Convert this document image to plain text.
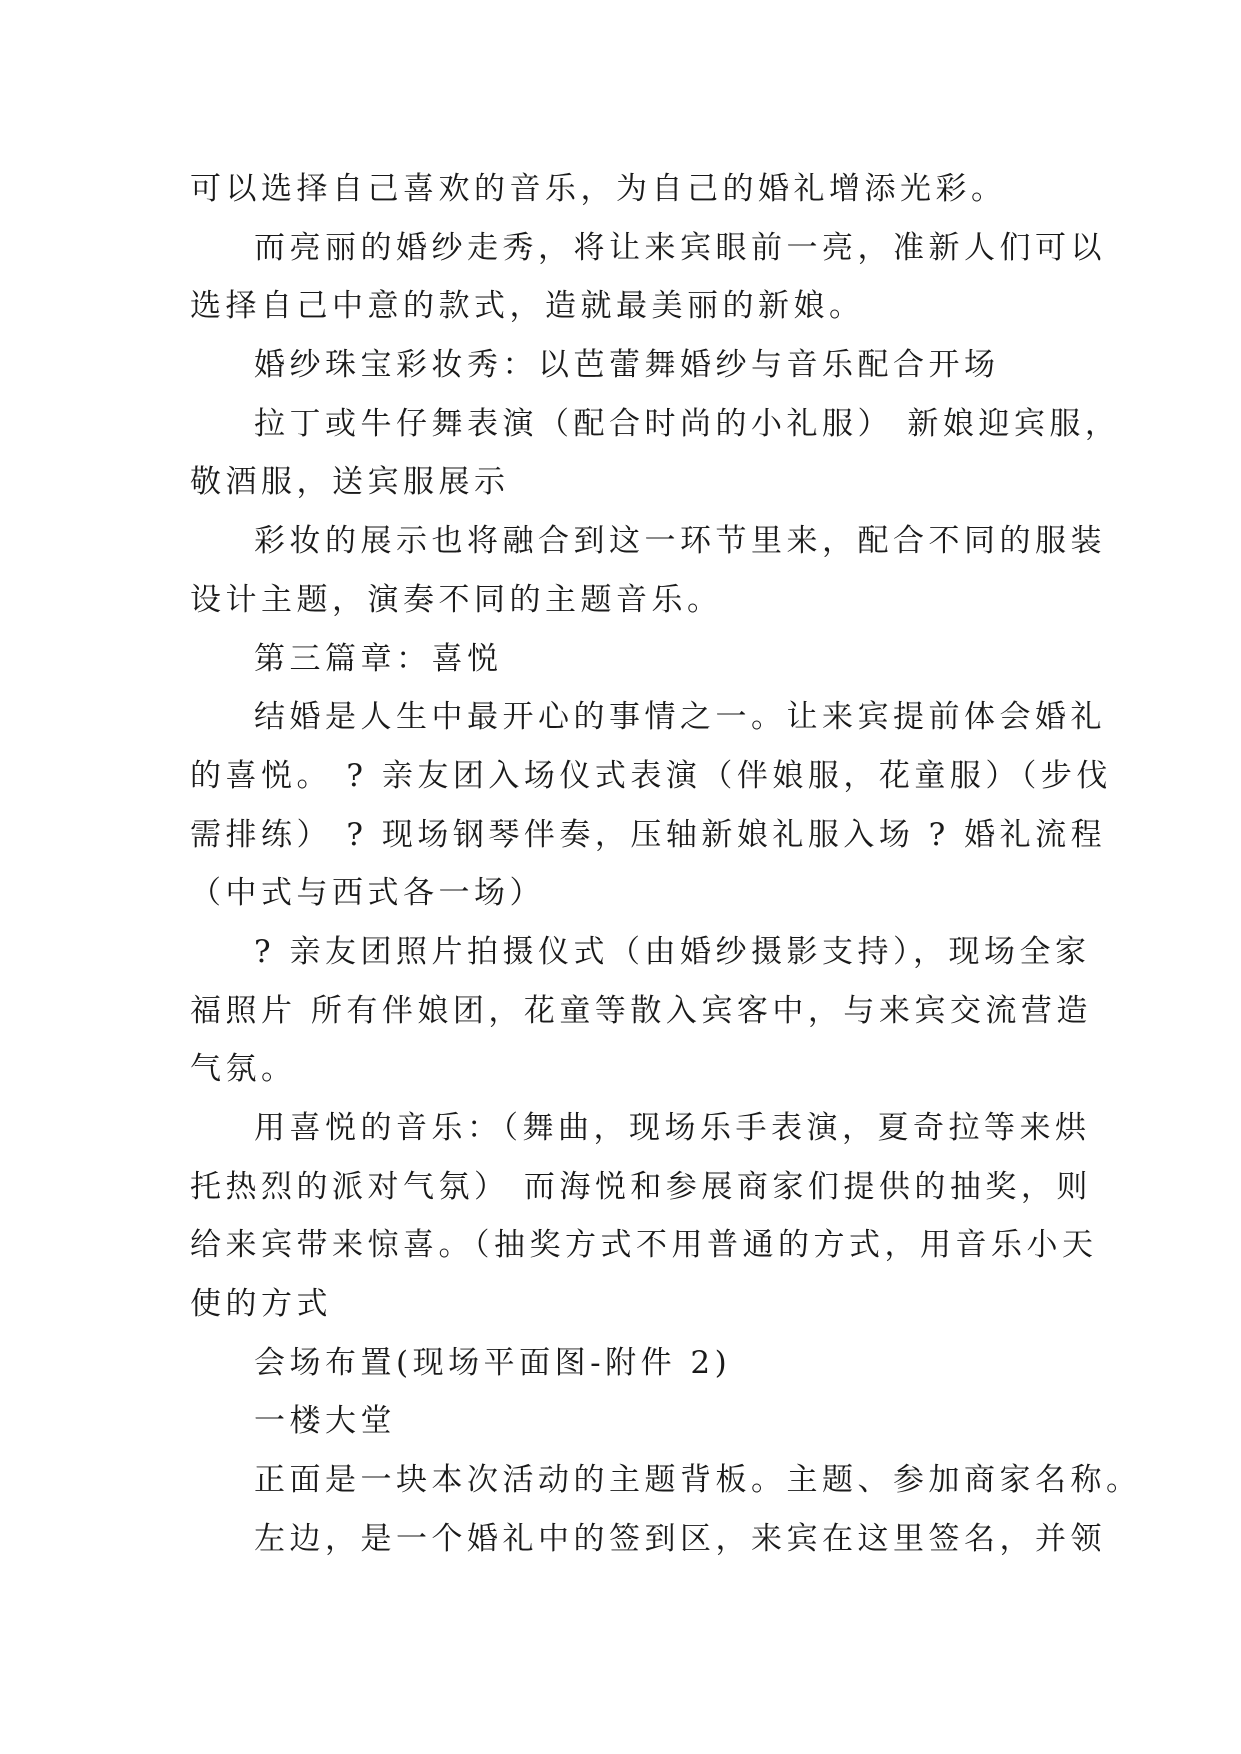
可以选择自己喜欢的音乐，为自己的婚礼增添光彩。
而亮丽的婚纱走秀，将让来宾眼前一亮，准新人们可以
选择自己中意的款式，造就最美丽的新娘。
婚纱珠宝彩妆秀：以芭蕾舞婚纱与音乐配合开场
拉丁或牛仔舞表演（配合时尚的小礼服） 新娘迎宾服，
敬酒服，送宾服展示
彩妆的展示也将融合到这一环节里来，配合不同的服装
设计主题，演奏不同的主题音乐。
第三篇章：喜悦
结婚是人生中最开心的事情之一。让来宾提前体会婚礼
的喜悦。 ? 亲友团入场仪式表演（伴娘服，花童服）（步伐
需排练） ? 现场钢琴伴奏，压轴新娘礼服入场 ? 婚礼流程
（中式与西式各一场）
? 亲友团照片拍摄仪式（由婚纱摄影支持），现场全家
福照片 所有伴娘团，花童等散入宾客中，与来宾交流营造
气氛。
用喜悦的音乐：（舞曲，现场乐手表演，夏奇拉等来烘
托热烈的派对气氛） 而海悦和参展商家们提供的抽奖，则
给来宾带来惊喜。（抽奖方式不用普通的方式，用音乐小天
使的方式
会场布置(现场平面图-附件 2)
一楼大堂
正面是一块本次活动的主题背板。主题、参加商家名称。
左边，是一个婚礼中的签到区，来宾在这里签名，并领
